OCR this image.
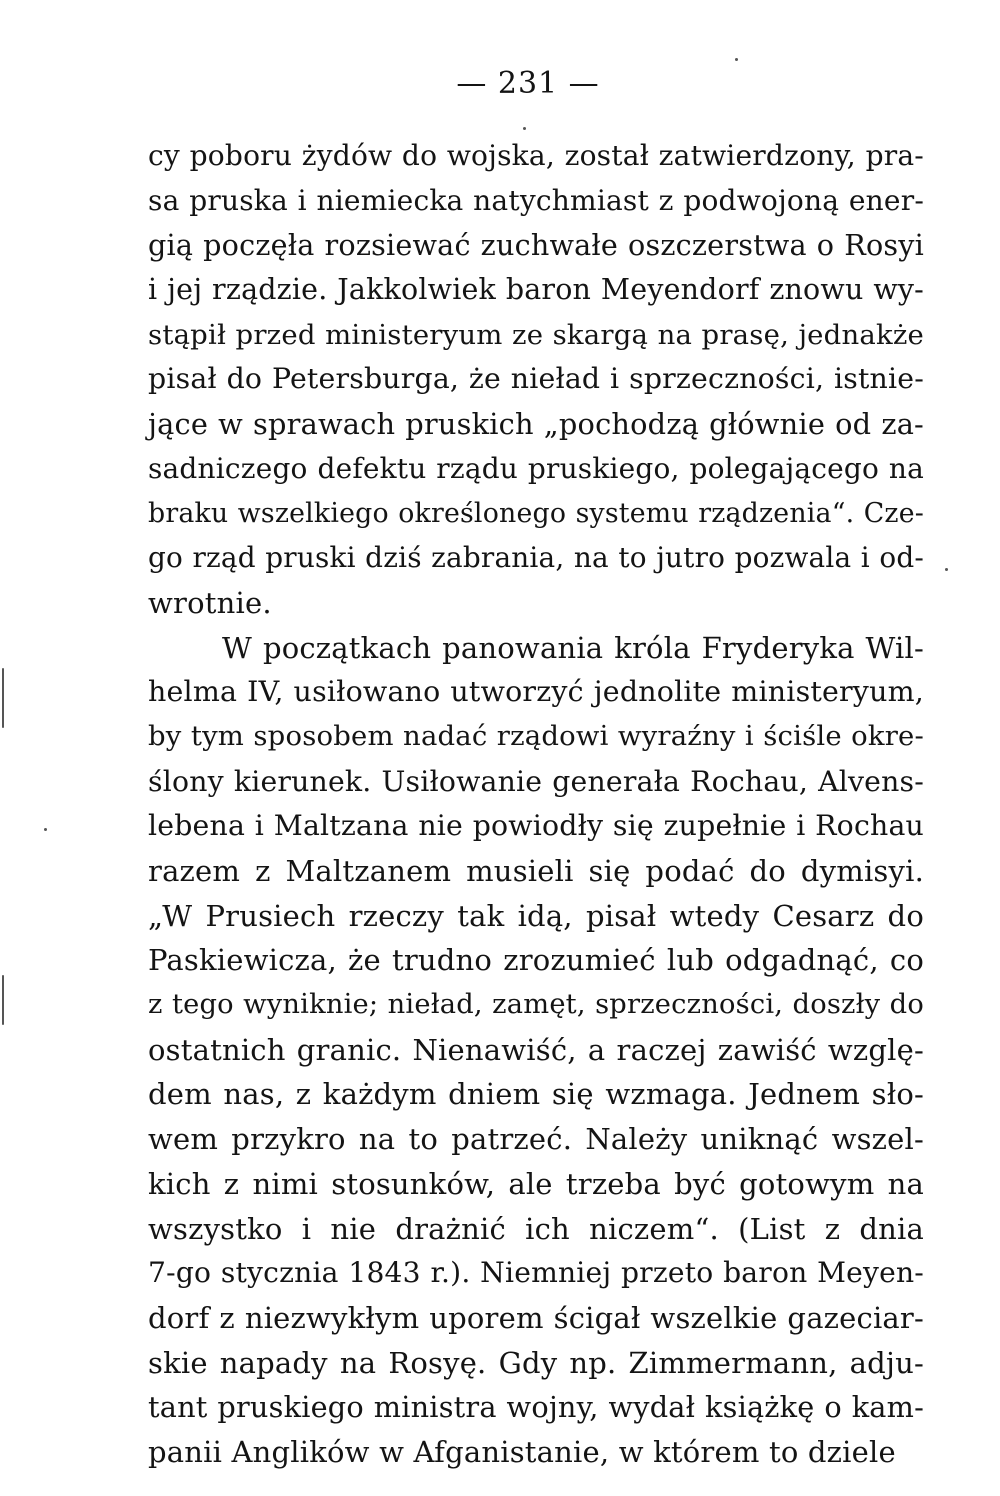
— 231 —
cy poboru żydów do wojska, został zatwierdzony, pra-
sa pruska i niemiecka natychmiast z podwojoną ener-
gią poczęła rozsiewać zuchwałe oszczerstwa o Rosyi
i jej rządzie. Jakkolwiek baron Meyendorf znowu wy-
stąpił przed ministeryum ze skargą na prasę, jednakże
pisał do Petersburga, że nieład i sprzeczności, istnie-
jące w sprawach pruskich „pochodzą głównie od za-
sadniczego defektu rządu pruskiego, polegającego na
braku wszelkiego określonego systemu rządzenia“. Cze-
go rząd pruski dziś zabrania, na to jutro pozwala i od-
wrotnie.
W początkach panowania króla Fryderyka Wil-
helma IV, usiłowano utworzyć jednolite ministeryum,
by tym sposobem nadać rządowi wyraźny i ściśle okre-
ślony kierunek. Usiłowanie generała Rochau, Alvens-
lebena i Maltzana nie powiodły się zupełnie i Rochau
razem z Maltzanem musieli się podać do dymisyi.
„W Prusiech rzeczy tak idą, pisał wtedy Cesarz do
Paskiewicza, że trudno zrozumieć lub odgadnąć, co
z tego wyniknie; nieład, zamęt, sprzeczności, doszły do
ostatnich granic. Nienawiść, a raczej zawiść wzglę-
dem nas, z każdym dniem się wzmaga. Jednem sło-
wem przykro na to patrzeć. Należy uniknąć wszel-
kich z nimi stosunków, ale trzeba być gotowym na
wszystko i nie drażnić ich niczem“. (List z dnia
7-go stycznia 1843 r.). Niemniej przeto baron Meyen-
dorf z niezwykłym uporem ścigał wszelkie gazeciar-
skie napady na Rosyę. Gdy np. Zimmermann, adju-
tant pruskiego ministra wojny, wydał książkę o kam-
panii Anglików w Afganistanie, w którem to dziele
